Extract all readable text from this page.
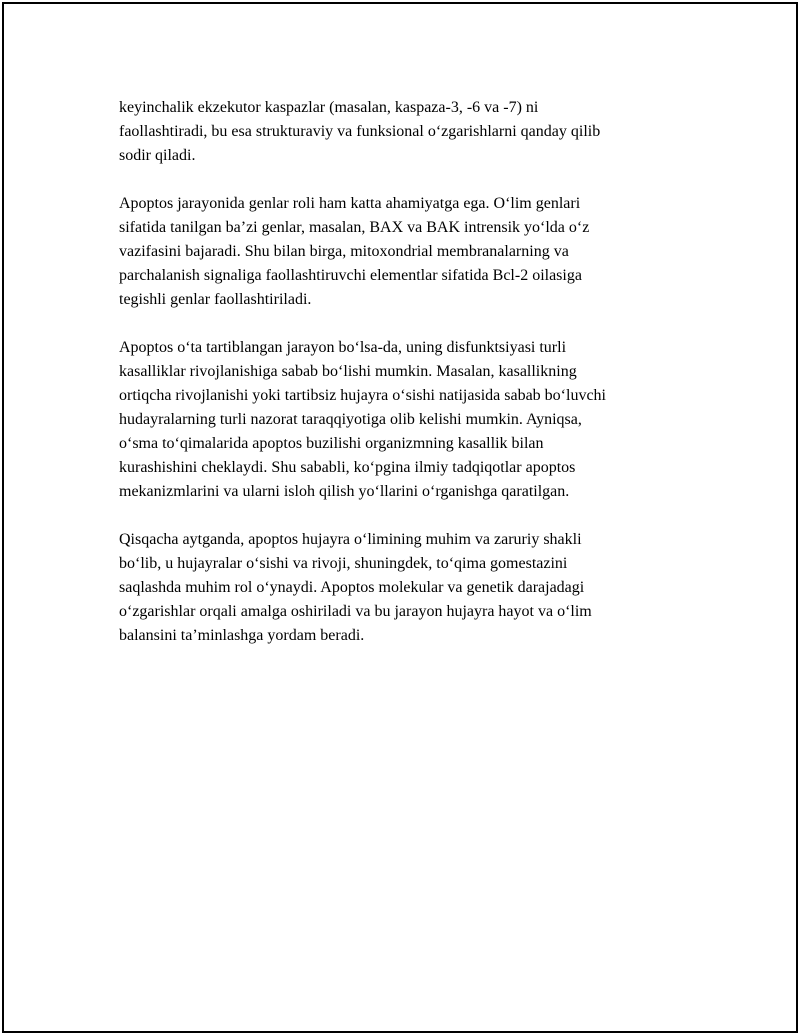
keyinchalik ekzekutor kaspazlar (masalan, kaspaza-3, -6 va -7) ni
faollashtiradi, bu esa strukturaviy va funksional o‘zgarishlarni qanday qilib
sodir qiladi.
Apoptos jarayonida genlar roli ham katta ahamiyatga ega. O‘lim genlari
sifatida tanilgan ba’zi genlar, masalan, BAX va BAK intrensik yo‘lda o‘z
vazifasini bajaradi. Shu bilan birga, mitoxondrial membranalarning va
parchalanish signaliga faollashtiruvchi elementlar sifatida Bcl-2 oilasiga
tegishli genlar faollashtiriladi.
Apoptos o‘ta tartiblangan jarayon bo‘lsa-da, uning disfunktsiyasi turli
kasalliklar rivojlanishiga sabab bo‘lishi mumkin. Masalan, kasallikning
ortiqcha rivojlanishi yoki tartibsiz hujayra o‘sishi natijasida sabab bo‘luvchi
hudayralarning turli nazorat taraqqiyotiga olib kelishi mumkin. Ayniqsa,
o‘sma to‘qimalarida apoptos buzilishi organizmning kasallik bilan
kurashishini cheklaydi. Shu sababli, ko‘pgina ilmiy tadqiqotlar apoptos
mekanizmlarini va ularni isloh qilish yo‘llarini o‘rganishga qaratilgan.
Qisqacha aytganda, apoptos hujayra o‘limining muhim va zaruriy shakli
bo‘lib, u hujayralar o‘sishi va rivoji, shuningdek, to‘qima gomestazini
saqlashda muhim rol o‘ynaydi. Apoptos molekular va genetik darajadagi
o‘zgarishlar orqali amalga oshiriladi va bu jarayon hujayra hayot va o‘lim
balansini ta’minlashga yordam beradi.
